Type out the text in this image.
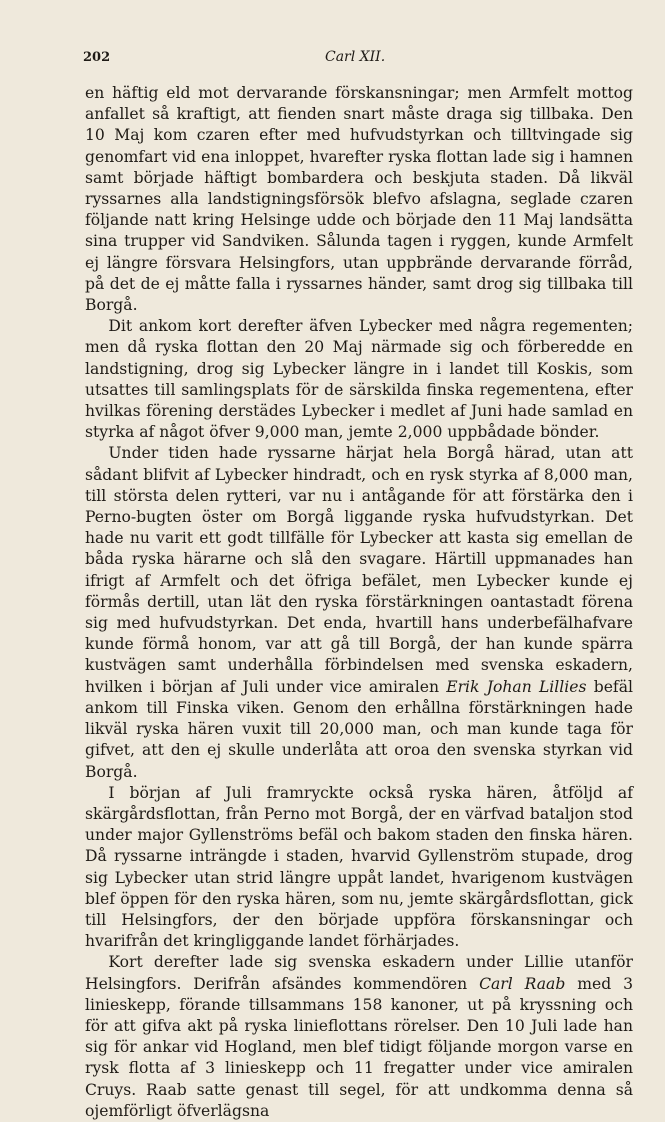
202	Carl XII.

en häftig eld mot dervarande förskansningar; men Armfelt mottog anfallet så kraftigt, att fienden snart måste draga sig tillbaka. Den 10 Maj kom czaren efter med hufvudstyrkan och tilltvingade sig genomfart vid ena inloppet, hvarefter ryska flottan lade sig i hamnen samt började häftigt bombardera och beskjuta staden. Då likväl ryssarnes alla landstigningsförsök blefvo afslagna, seglade czaren följande natt kring Helsinge udde och började den 11 Maj landsätta sina trupper vid Sandviken. Sålunda tagen i ryggen, kunde Armfelt ej längre försvara Helsingfors, utan uppbrände dervarande förråd, på det de ej måtte falla i ryssarnes händer, samt drog sig tillbaka till Borgå.

Dit ankom kort derefter äfven Lybecker med några regementen; men då ryska flottan den 20 Maj närmade sig och förberedde en landstigning, drog sig Lybecker längre in i landet till Koskis, som utsattes till samlingsplats för de särskilda finska regementena, efter hvilkas förening derstädes Lybecker i medlet af Juni hade samlad en styrka af något öfver 9,000 man, jemte 2,000 uppbådade bönder.

Under tiden hade ryssarne härjat hela Borgå härad, utan att sådant blifvit af Lybecker hindradt, och en rysk styrka af 8,000 man, till största delen rytteri, var nu i antågande för att förstärka den i Perno-bugten öster om Borgå liggande ryska hufvudstyrkan. Det hade nu varit ett godt tillfälle för Lybecker att kasta sig emellan de båda ryska härarne och slå den svagare. Härtill uppmanades han ifrigt af Armfelt och det öfriga befälet, men Lybecker kunde ej förmås dertill, utan lät den ryska förstärkningen oantastadt förena sig med hufvudstyrkan. Det enda, hvartill hans underbefälhafvare kunde förmå honom, var att gå till Borgå, der han kunde spärra kustvägen samt underhålla förbindelsen med svenska eskadern, hvilken i början af Juli under vice amiralen Erik Johan Lillies befäl ankom till Finska viken. Genom den erhållna förstärkningen hade likväl ryska hären vuxit till 20,000 man, och man kunde taga för gifvet, att den ej skulle underlåta att oroa den svenska styrkan vid Borgå.

I början af Juli framryckte också ryska hären, åtföljd af skärgårdsflottan, från Perno mot Borgå, der en värfvad bataljon stod under major Gyllenströms befäl och bakom staden den finska hären. Då ryssarne inträngde i staden, hvarvid Gyllenström stupade, drog sig Lybecker utan strid längre uppåt landet, hvarigenom kustvägen blef öppen för den ryska hären, som nu, jemte skärgårdsflottan, gick till Helsingfors, der den började uppföra förskansningar och hvarifrån det kringliggande landet förhärjades.

Kort derefter lade sig svenska eskadern under Lillie utanför Helsingfors. Derifrån afsändes kommendören Carl Raab med 3 linieskepp, förande tillsammans 158 kanoner, ut på kryssning och för att gifva akt på ryska linieflottans rörelser. Den 10 Juli lade han sig för ankar vid Hogland, men blef tidigt följande morgon varse en rysk flotta af 3 linieskepp och 11 fregatter under vice amiralen Cruys. Raab satte genast till segel, för att undkomma denna så ojemförligt öfverlägsna
